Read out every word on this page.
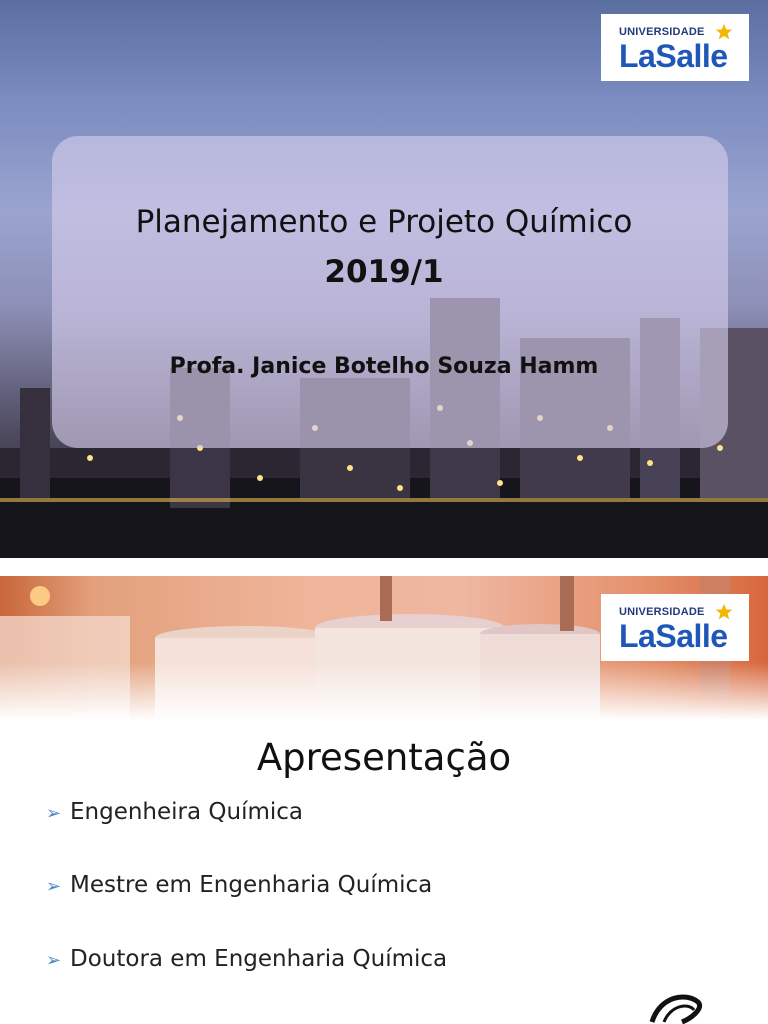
Planejamento e Projeto Químico
2019/1
Profa. Janice Botelho Souza Hamm
UNIVERSIDADE
LaSalle
UNIVERSIDADE
LaSalle
Apresentação
➢ Engenheira Química
➢ Mestre em Engenharia Química
➢ Doutora em Engenharia Química
